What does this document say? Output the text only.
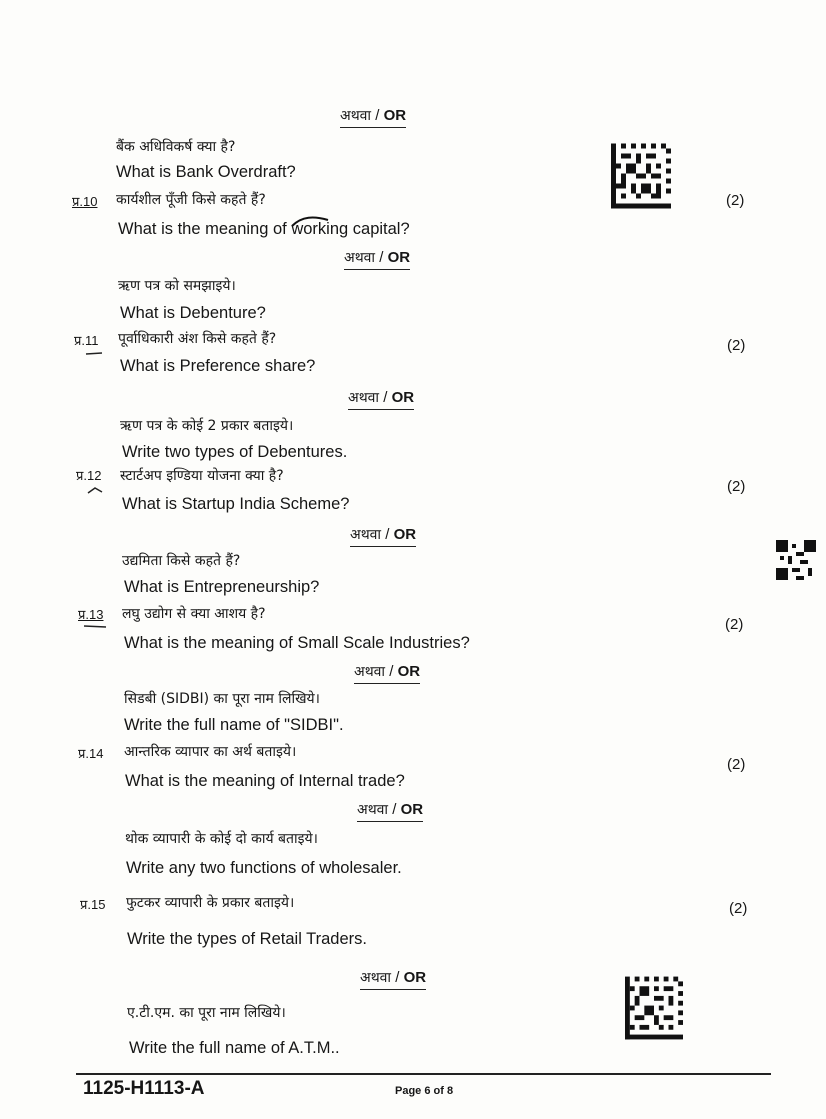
अथवा / OR
अथवा / OR
अथवा / OR
अथवा / OR
अथवा / OR
अथवा / OR
अथवा / OR
बैंक अधिविकर्ष क्या है?
What is Bank Overdraft?
प्र.10 कार्यशील पूँजी किसे कहते हैं?
What is the meaning of working capital?
(2)
ऋण पत्र को समझाइये।
What is Debenture?
प्र.11 पूर्वाधिकारी अंश किसे कहते हैं?
What is Preference share?
(2)
ऋण पत्र के कोई 2 प्रकार बताइये।
Write two types of Debentures.
प्र.12 स्टार्टअप इण्डिया योजना क्या है?
What is Startup India Scheme?
(2)
उद्यमिता किसे कहते हैं?
What is Entrepreneurship?
प्र.13 लघु उद्योग से क्या आशय है?
What is the meaning of Small Scale Industries?
(2)
सिडबी (SIDBI) का पूरा नाम लिखिये।
Write the full name of "SIDBI".
प्र.14 आन्तरिक व्यापार का अर्थ बताइये।
What is the meaning of Internal trade?
(2)
थोक व्यापारी के कोई दो कार्य बताइये।
Write any two functions of wholesaler.
प्र.15 फुटकर व्यापारी के प्रकार बताइये।
Write the types of Retail Traders.
(2)
ए.टी.एम. का पूरा नाम लिखिये।
Write the full name of A.T.M..
1125-H1113-A	Page 6 of 8
